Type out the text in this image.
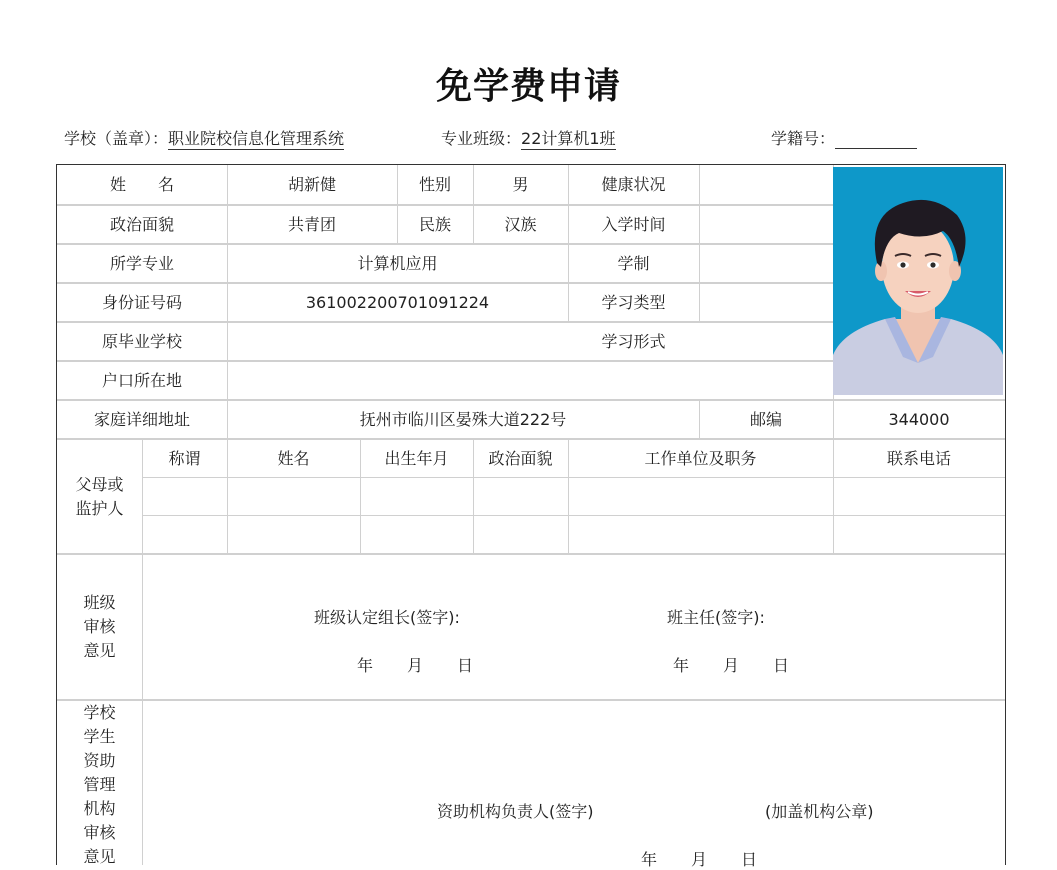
免学费申请
学校（盖章）：职业院校信息化管理系统	专业班级：22计算机1班	学籍号：
姓　　名	胡新健	性别	男	健康状况
政治面貌	共青团	民族	汉族	入学时间
所学专业	计算机应用	学制
身份证号码	361002200701091224	学习类型
原毕业学校	学习形式
户口所在地
家庭详细地址	抚州市临川区晏殊大道222号	邮编	344000
父母或
监护人
称谓	姓名	出生年月	政治面貌	工作单位及职务	联系电话
班级
审核
意见
班级认定组长(签字):	班主任(签字):
年 月 日	年 月 日
学校
学生
资助
管理
机构
审核
意见
资助机构负责人(签字)	(加盖机构公章)
年 月 日
